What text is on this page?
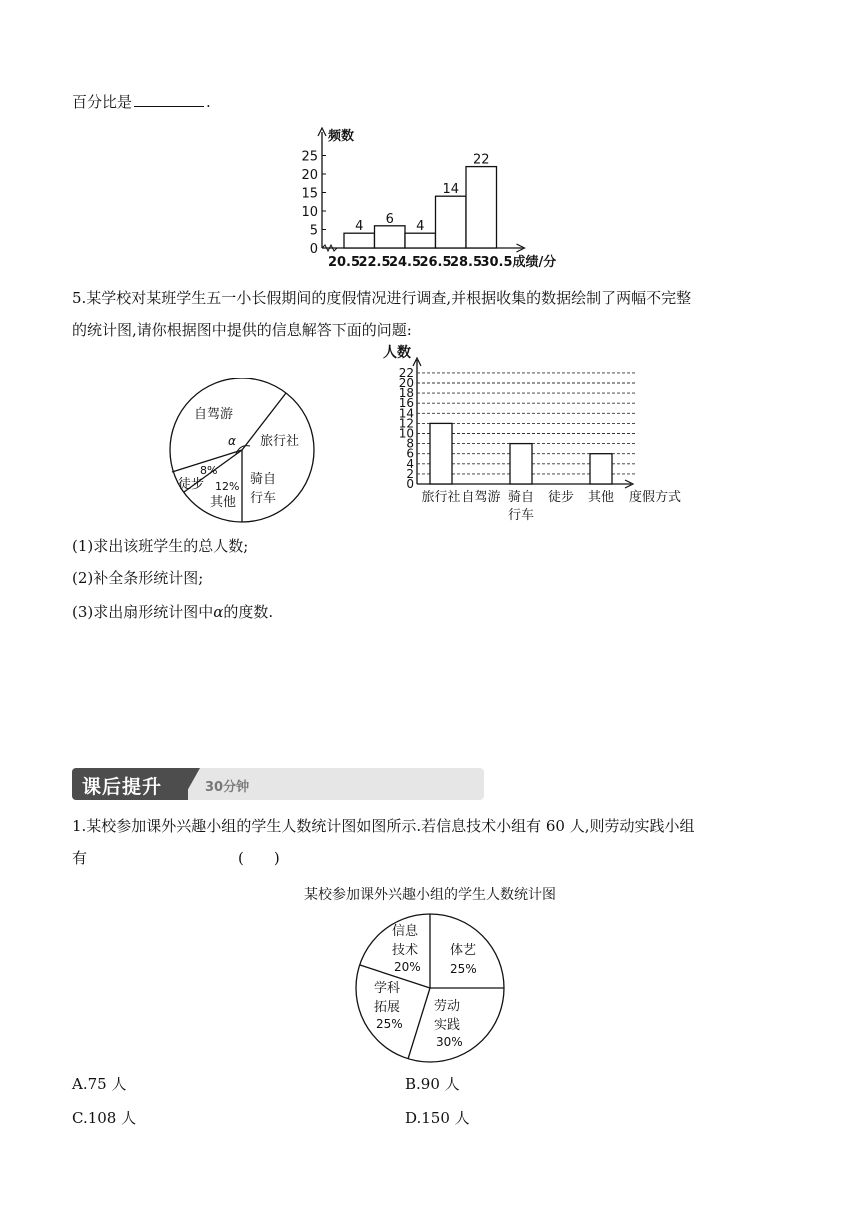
百分比是	.
频数
0
5
10
15
20
25
4 6 4
14
22
20.5
22.5
24.5
26.5
28.5
30.5 成绩/分
5.某学校对某班学生五一小长假期间的度假情况进行调查,并根据收集的数据绘制了两幅不完整
的统计图,请你根据图中提供的信息解答下面的问题:
自驾游
旅行社
α
8%
徒步 12%
其他
骑自
行车
人数
0
2
4
6
8
10
12
14
16
18
20
22
旅行社 自驾游 骑自 徒步 其他
行车
度假方式
(1)求出该班学生的总人数;
(2)补全条形统计图;
(3)求出扇形统计图中α的度数.
课后提升	30分钟
1.某校参加课外兴趣小组的学生人数统计图如图所示.若信息技术小组有 60 人,则劳动实践小组
有	(　　)
某校参加课外兴趣小组的学生人数统计图
信息
技术
20%
体艺
25%
劳动
实践
30%
学科
拓展
25%
A.75 人	B.90 人
C.108 人	D.150 人
